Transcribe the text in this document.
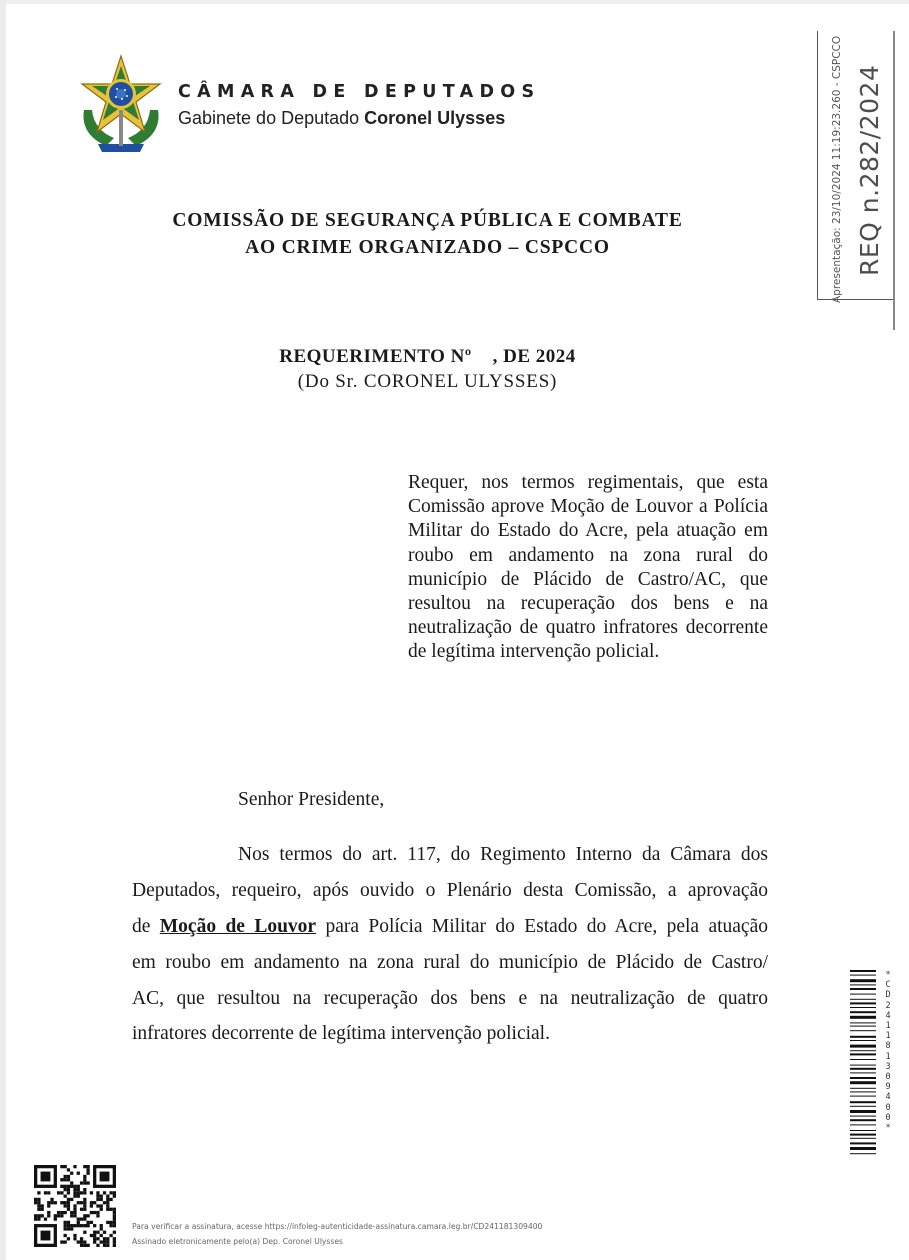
CÂMARA DE DEPUTADOS
Gabinete do Deputado Coronel Ulysses
COMISSÃO DE SEGURANÇA PÚBLICA E COMBATE
AO CRIME ORGANIZADO – CSPCCO	Apresentação: 23/10/2024 11:19:23.260 - CSPCCO REQ n.282/2024
REQUERIMENTO Nº    , DE 2024
(Do Sr. CORONEL ULYSSES)
Requer, nos termos regimentais, que esta Comissão aprove Moção de Louvor a Polícia Militar do Estado do Acre, pela atuação em roubo em andamento na zona rural do município de Plácido de Castro/AC, que resultou na recuperação dos bens e na neutralização de quatro infratores decorrente de legítima intervenção policial.
Senhor Presidente,
Nos termos do art. 117, do Regimento Interno da Câmara dos
Deputados, requeiro, após ouvido o Plenário desta Comissão, a aprovação
de Moção de Louvor para Polícia Militar do Estado do Acre, pela atuação
em roubo em andamento na zona rural do município de Plácido de Castro/
AC, que resultou na recuperação dos bens e na neutralização de quatro
infratores decorrente de legítima intervenção policial.
*
C
D
2
4
1
1
8
1
3
0
9
4
0
0
*
Para verificar a assinatura, acesse https://infoleg-autenticidade-assinatura.camara.leg.br/CD241181309400
Assinado eletronicamente pelo(a) Dep. Coronel Ulysses
